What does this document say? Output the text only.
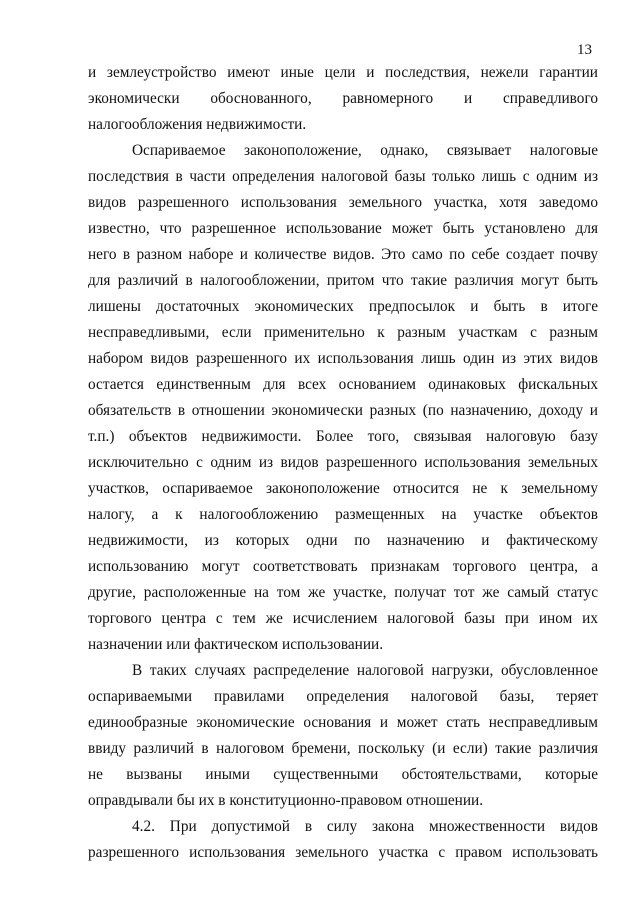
13
и землеустройство имеют иные цели и последствия, нежели гарантии
экономически обоснованного, равномерного и справедливого
налогообложения недвижимости.
Оспариваемое законоположение, однако, связывает налоговые
последствия в части определения налоговой базы только лишь с одним из
видов разрешенного использования земельного участка, хотя заведомо
известно, что разрешенное использование может быть установлено для
него в разном наборе и количестве видов. Это само по себе создает почву
для различий в налогообложении, притом что такие различия могут быть
лишены достаточных экономических предпосылок и быть в итоге
несправедливыми, если применительно к разным участкам с разным
набором видов разрешенного их использования лишь один из этих видов
остается единственным для всех основанием одинаковых фискальных
обязательств в отношении экономически разных (по назначению, доходу и
т.п.) объектов недвижимости. Более того, связывая налоговую базу
исключительно с одним из видов разрешенного использования земельных
участков, оспариваемое законоположение относится не к земельному
налогу, а к налогообложению размещенных на участке объектов
недвижимости, из которых одни по назначению и фактическому
использованию могут соответствовать признакам торгового центра, а
другие, расположенные на том же участке, получат тот же самый статус
торгового центра с тем же исчислением налоговой базы при ином их
назначении или фактическом использовании.
В таких случаях распределение налоговой нагрузки, обусловленное
оспариваемыми правилами определения налоговой базы, теряет
единообразные экономические основания и может стать несправедливым
ввиду различий в налоговом бремени, поскольку (и если) такие различия
не вызваны иными существенными обстоятельствами, которые
оправдывали бы их в конституционно-правовом отношении.
4.2. При допустимой в силу закона множественности видов
разрешенного использования земельного участка с правом использовать
